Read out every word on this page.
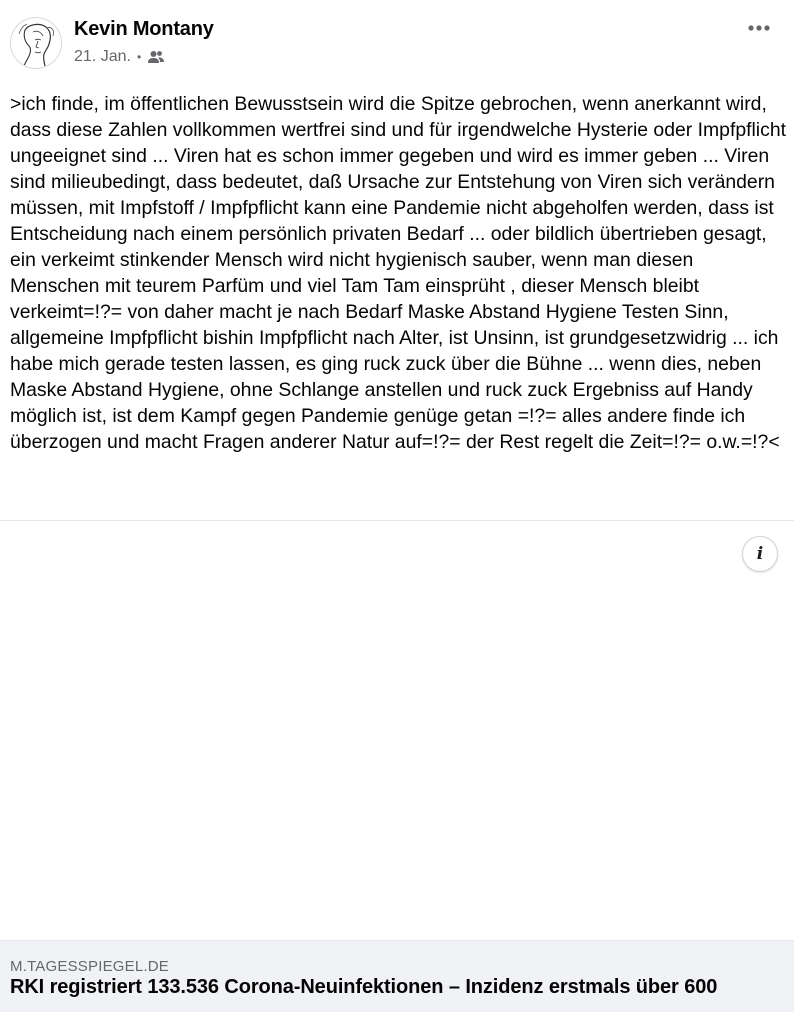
Kevin Montany
21. Jan. •
>ich finde, im öffentlichen Bewusstsein wird die Spitze gebrochen, wenn anerkannt wird, dass diese Zahlen vollkommen wertfrei sind und für irgendwelche Hysterie oder Impfpflicht ungeeignet sind ... Viren hat es schon immer gegeben und wird es immer geben ... Viren sind milieubedingt, dass bedeutet, daß Ursache zur Entstehung von Viren sich verändern müssen, mit Impfstoff / Impfpflicht kann eine Pandemie nicht abgeholfen werden, dass ist Entscheidung nach einem persönlich privaten Bedarf ... oder bildlich übertrieben gesagt, ein verkeimt stinkender Mensch wird nicht hygienisch sauber, wenn man diesen Menschen mit teurem Parfüm und viel Tam Tam einsprüht , dieser Mensch bleibt verkeimt=!?= von daher macht je nach Bedarf Maske Abstand Hygiene Testen Sinn, allgemeine Impfpflicht bishin Impfpflicht nach Alter, ist Unsinn, ist grundgesetzwidrig ... ich habe mich gerade testen lassen, es ging ruck zuck über die Bühne ... wenn dies, neben Maske Abstand Hygiene, ohne Schlange anstellen und ruck zuck Ergebniss auf Handy möglich ist, ist dem Kampf gegen Pandemie genüge getan =!?= alles andere finde ich überzogen und macht Fragen anderer Natur auf=!?= der Rest regelt die Zeit=!?= o.w.=!?<
i
M.TAGESSPIEGEL.DE
RKI registriert 133.536 Corona-Neuinfektionen – Inzidenz erstmals über 600
